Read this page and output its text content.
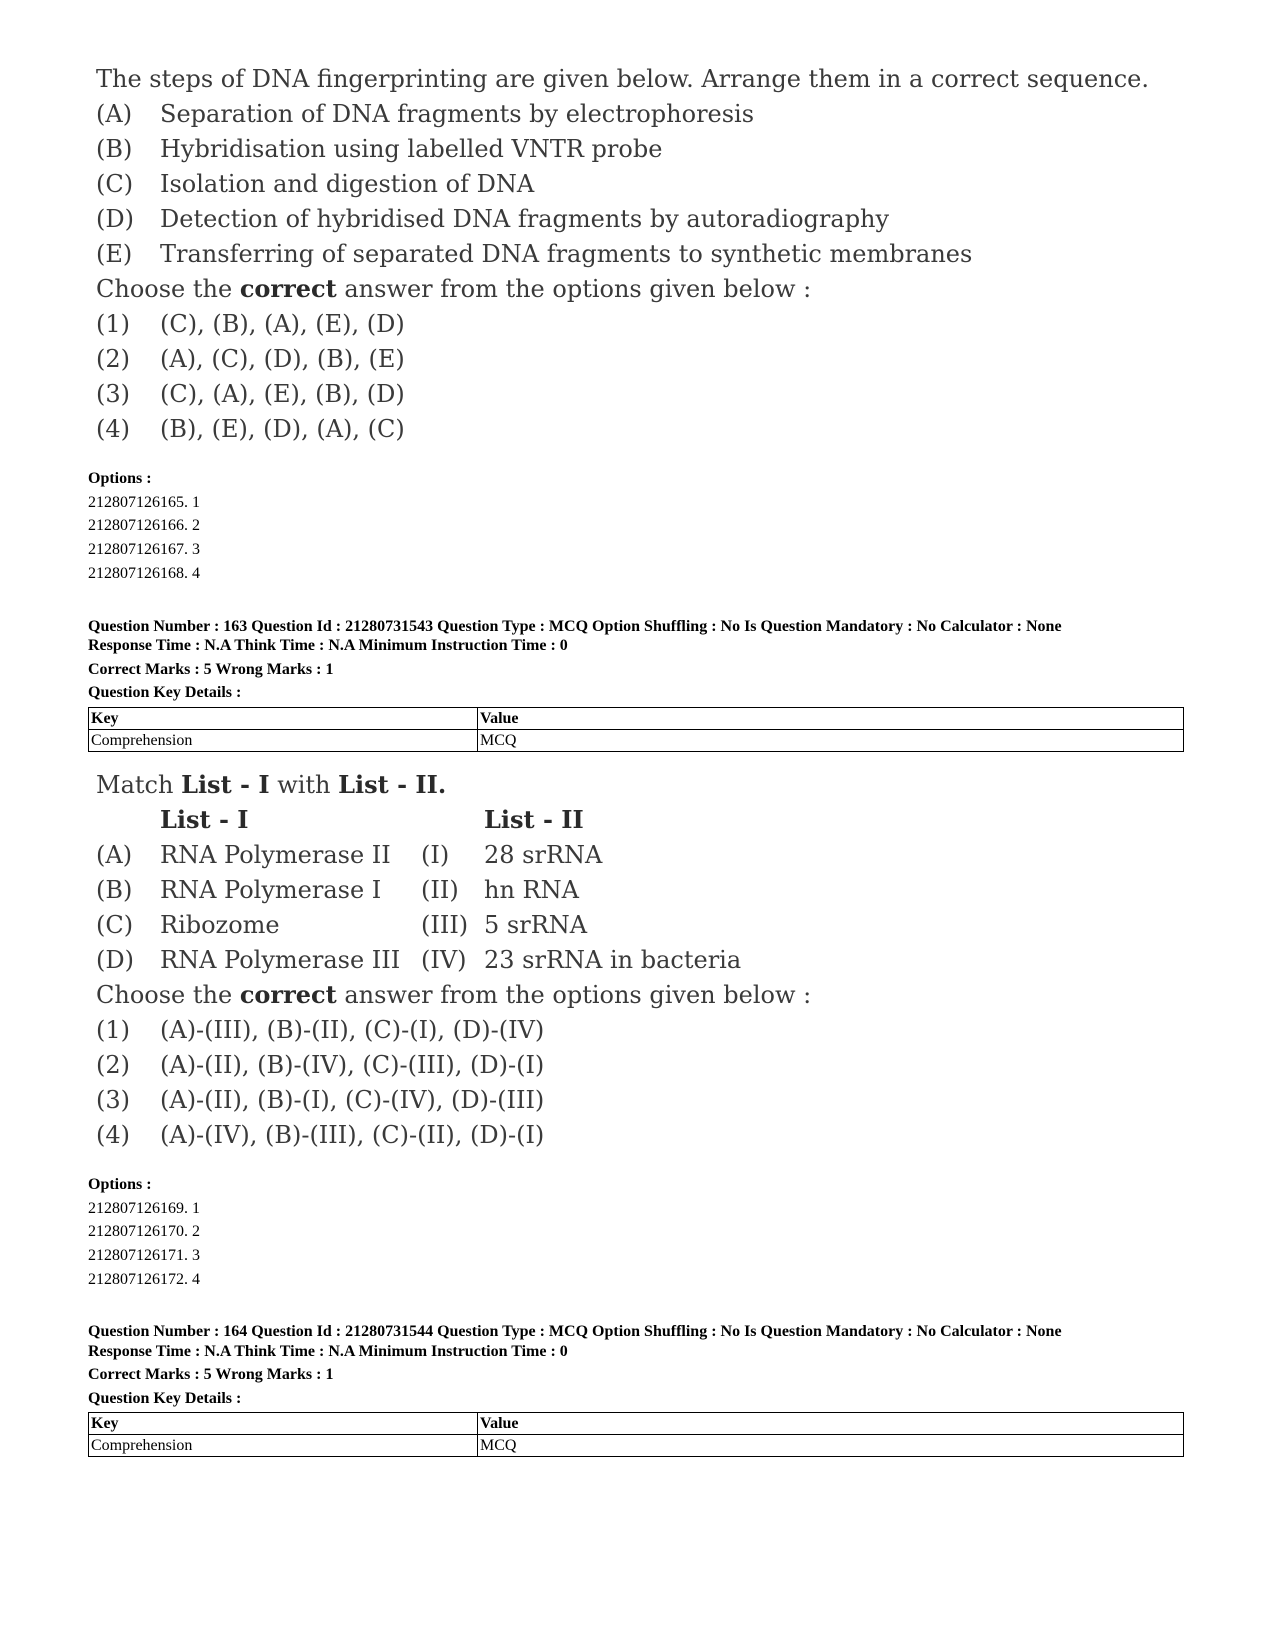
The steps of DNA fingerprinting are given below. Arrange them in a correct sequence.
(A) Separation of DNA fragments by electrophoresis
(B) Hybridisation using labelled VNTR probe
(C) Isolation and digestion of DNA
(D) Detection of hybridised DNA fragments by autoradiography
(E) Transferring of separated DNA fragments to synthetic membranes
Choose the correct answer from the options given below :
(1) (C), (B), (A), (E), (D)
(2) (A), (C), (D), (B), (E)
(3) (C), (A), (E), (B), (D)
(4) (B), (E), (D), (A), (C)
Options :
212807126165. 1
212807126166. 2
212807126167. 3
212807126168. 4
Question Number : 163 Question Id : 21280731543 Question Type : MCQ Option Shuffling : No Is Question Mandatory : No Calculator : None
Response Time : N.A Think Time : N.A Minimum Instruction Time : 0
Correct Marks : 5 Wrong Marks : 1
Question Key Details :
Key	Value
Comprehension	MCQ
Match List - I with List - II.
List - I	List - II
(A) RNA Polymerase II (I) 28 srRNA
(B) RNA Polymerase I (II) hn RNA
(C) Ribozome	(III) 5 srRNA
(D) RNA Polymerase III (IV) 23 srRNA in bacteria
Choose the correct answer from the options given below :
(1) (A)-(III), (B)-(II), (C)-(I), (D)-(IV)
(2) (A)-(II), (B)-(IV), (C)-(III), (D)-(I)
(3) (A)-(II), (B)-(I), (C)-(IV), (D)-(III)
(4) (A)-(IV), (B)-(III), (C)-(II), (D)-(I)
Options :
212807126169. 1
212807126170. 2
212807126171. 3
212807126172. 4
Question Number : 164 Question Id : 21280731544 Question Type : MCQ Option Shuffling : No Is Question Mandatory : No Calculator : None
Response Time : N.A Think Time : N.A Minimum Instruction Time : 0
Correct Marks : 5 Wrong Marks : 1
Question Key Details :
Key	Value
Comprehension	MCQ
